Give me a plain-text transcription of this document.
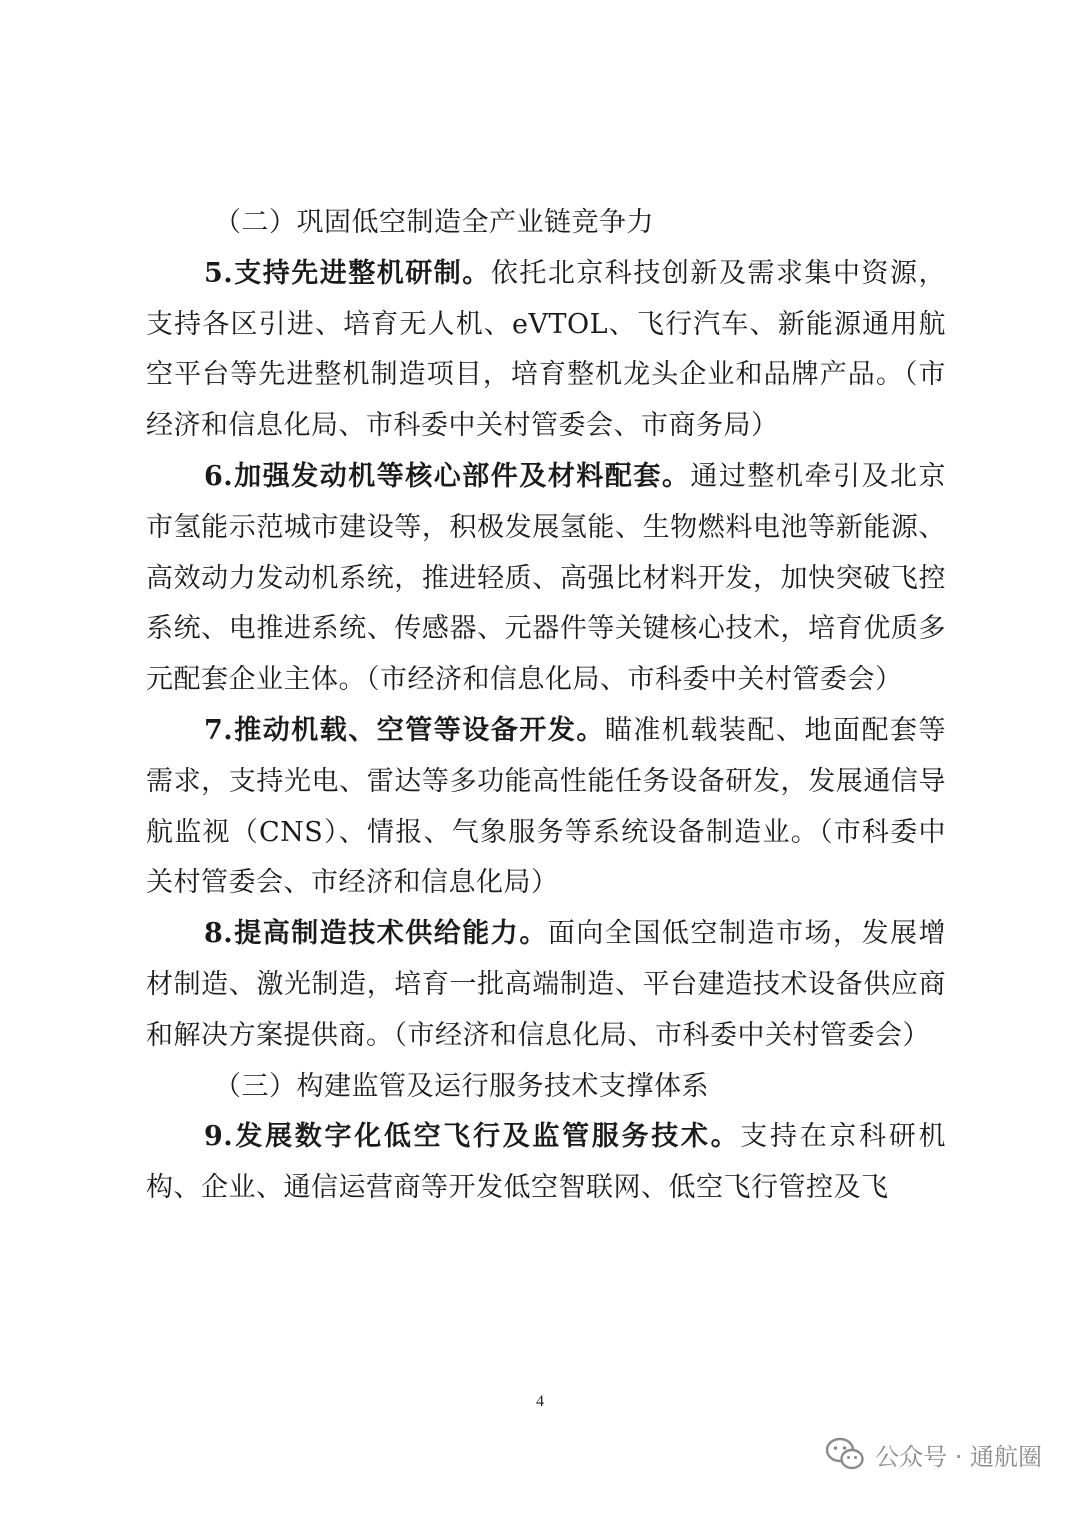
（二）巩固低空制造全产业链竞争力

5.支持先进整机研制。依托北京科技创新及需求集中资源，支持各区引进、培育无人机、eVTOL、飞行汽车、新能源通用航空平台等先进整机制造项目，培育整机龙头企业和品牌产品。（市经济和信息化局、市科委中关村管委会、市商务局）

6.加强发动机等核心部件及材料配套。通过整机牵引及北京市氢能示范城市建设等，积极发展氢能、生物燃料电池等新能源、高效动力发动机系统，推进轻质、高强比材料开发，加快突破飞控系统、电推进系统、传感器、元器件等关键核心技术，培育优质多元配套企业主体。（市经济和信息化局、市科委中关村管委会）

7.推动机载、空管等设备开发。瞄准机载装配、地面配套等需求，支持光电、雷达等多功能高性能任务设备研发，发展通信导航监视（CNS）、情报、气象服务等系统设备制造业。（市科委中关村管委会、市经济和信息化局）

8.提高制造技术供给能力。面向全国低空制造市场，发展增材制造、激光制造，培育一批高端制造、平台建造技术设备供应商和解决方案提供商。（市经济和信息化局、市科委中关村管委会）

（三）构建监管及运行服务技术支撑体系

9.发展数字化低空飞行及监管服务技术。支持在京科研机构、企业、通信运营商等开发低空智联网、低空飞行管控及飞

4
公众号 · 通航圈
